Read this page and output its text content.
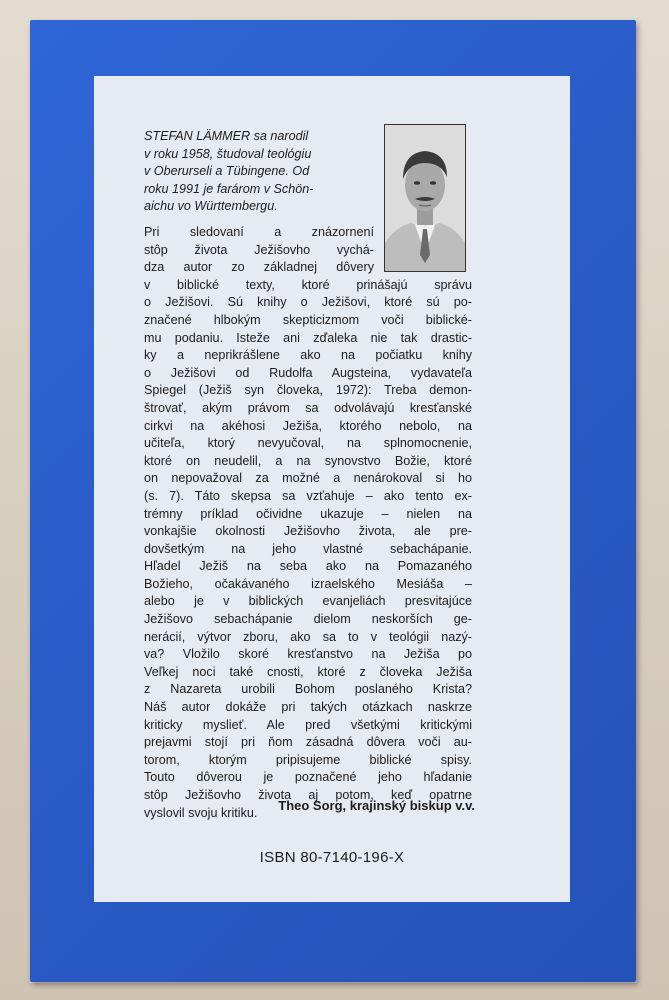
STEFAN LÄMMER sa narodil
v roku 1958, študoval teológiu
v Oberurseli a Tübingene. Od
roku 1991 je farárom v Schön-
aichu vo Württembergu.

Pri sledovaní a znázornení
stôp života Ježišovho vychá-
dza autor zo základnej dôvery
v biblické texty, ktoré prinášajú správu
o Ježišovi. Sú knihy o Ježišovi, ktoré sú po-
značené hlbokým skepticizmom voči biblické-
mu podaniu. Isteže ani zďaleka nie tak drastic-
ky a neprikrášlene ako na počiatku knihy
o Ježišovi od Rudolfa Augsteina, vydavateľa
Spiegel (Ježiš syn človeka, 1972): Treba demon-
štrovať, akým právom sa odvolávajú kresťanské
cirkvi na akéhosi Ježiša, ktorého nebolo, na
učiteľa, ktorý nevyučoval, na splnomocnenie,
ktoré on neudelil, a na synovstvo Božie, ktoré
on nepovažoval za možné a nenárokoval si ho
(s. 7). Táto skepsa sa vzťahuje – ako tento ex-
trémny príklad očividne ukazuje – nielen na
vonkajšie okolnosti Ježišovho života, ale pre-
dovšetkým na jeho vlastné sebachápanie.
Hľadel Ježiš na seba ako na Pomazaného
Božieho, očakávaného izraelského Mesiáša –
alebo je v biblických evanjeliách presvitajúce
Ježišovo sebachápanie dielom neskorších ge-
nerácií, výtvor zboru, ako sa to v teológii nazý-
va? Vložilo skoré kresťanstvo na Ježiša po
Veľkej noci také cnosti, ktoré z človeka Ježiša
z Nazareta urobili Bohom poslaného Krista?
Náš autor dokáže pri takých otázkach naskrze
kriticky myslieť. Ale pred všetkými kritickými
prejavmi stojí pri ňom zásadná dôvera voči au-
torom, ktorým pripisujeme biblické spisy.
Touto dôverou je poznačené jeho hľadanie
stôp Ježišovho života aj potom, keď opatrne
vyslovil svoju kritiku.	Theo Sorg, krajinský biskup v.v.

ISBN 80-7140-196-X
